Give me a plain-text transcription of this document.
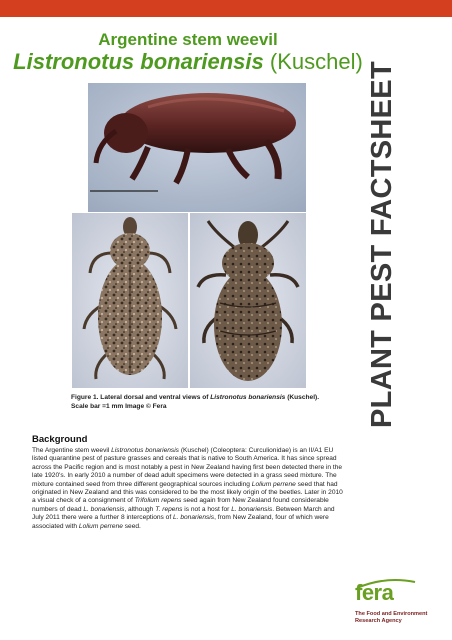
Argentine stem weevil
Listronotus bonariensis (Kuschel) PLANT PEST FACTSHEET
Figure 1. Lateral dorsal and ventral views of Listronotus bonariensis (Kuschel).
Scale bar =1 mm Image © Fera
Background
The Argentine stem weevil Listronotus bonariensis (Kuschel) (Coleoptera: Curculionidae) is an II/A1 EU listed quarantine pest of pasture grasses and cereals that is native to South America. It has since spread across the Pacific region and is most notably a pest in New Zealand having first been detected there in the late 1920's. In early 2010 a number of dead adult specimens were detected in a grass seed mixture. The mixture contained seed from three different geographical sources including Lolium perrene seed that had originated in New Zealand and this was considered to be the most likely origin of the beetles. Later in 2010 a visual check of a consignment of Trifolium repens seed again from New Zealand found considerable numbers of dead L. bonariensis, although T. repens is not a host for L. bonariensis. Between March and July 2011 there were a further 8 interceptions of L. bonariensis, from New Zealand, four of which were associated with Lolium perrene seed.
fera
The Food and Environment
Research Agency
